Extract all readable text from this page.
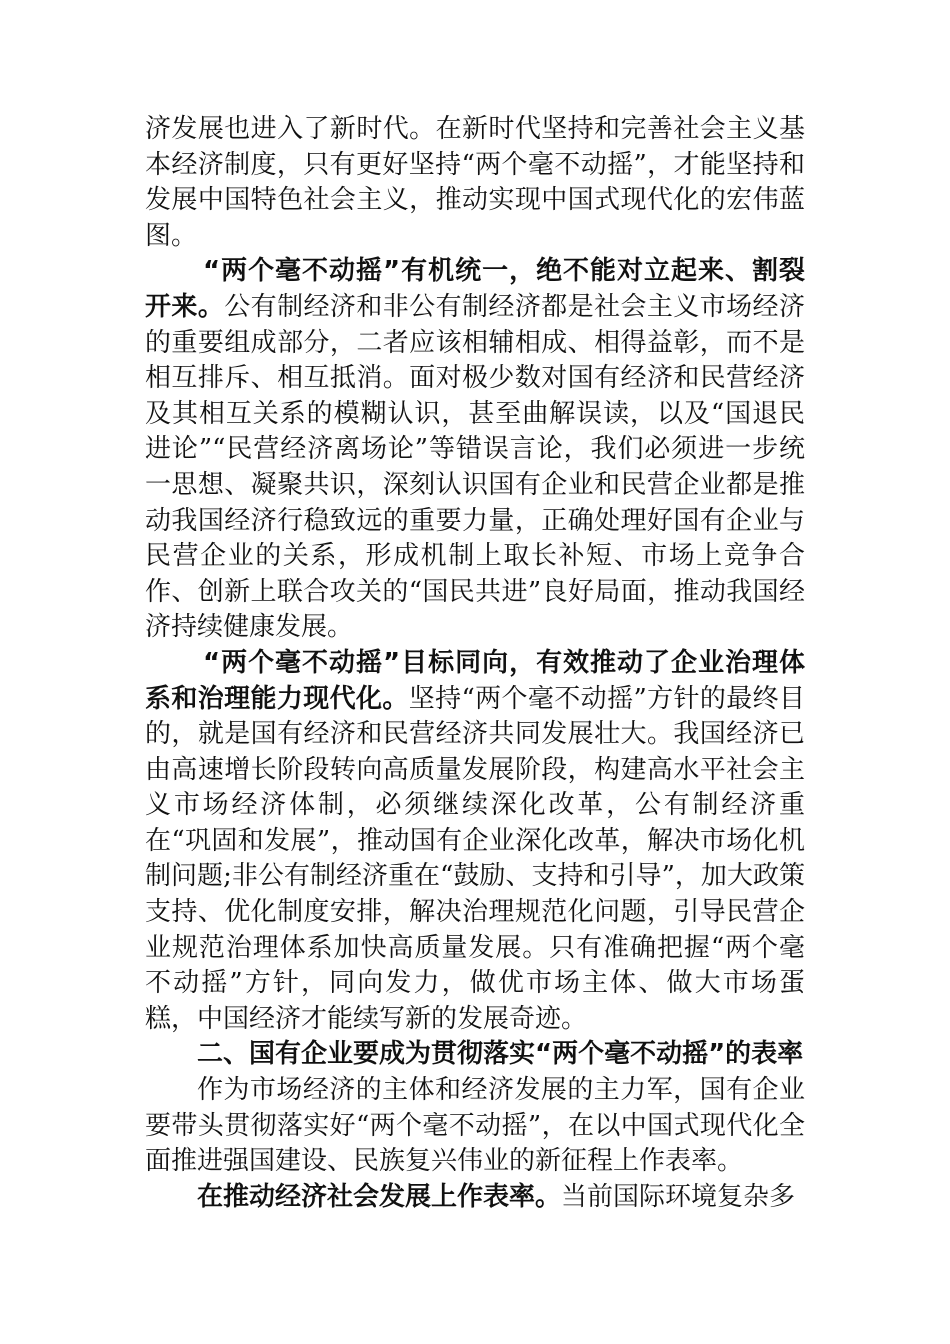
济发展也进入了新时代。在新时代坚持和完善社会主义基本经济制度，只有更好坚持“两个毫不动摇”，才能坚持和发展中国特色社会主义，推动实现中国式现代化的宏伟蓝图。

“两个毫不动摇”有机统一，绝不能对立起来、割裂开来。公有制经济和非公有制经济都是社会主义市场经济的重要组成部分，二者应该相辅相成、相得益彰，而不是相互排斥、相互抵消。面对极少数对国有经济和民营经济及其相互关系的模糊认识，甚至曲解误读，以及“国退民进论”“民营经济离场论”等错误言论，我们必须进一步统一思想、凝聚共识，深刻认识国有企业和民营企业都是推动我国经济行稳致远的重要力量，正确处理好国有企业与民营企业的关系，形成机制上取长补短、市场上竞争合作、创新上联合攻关的“国民共进”良好局面，推动我国经济持续健康发展。

“两个毫不动摇”目标同向，有效推动了企业治理体系和治理能力现代化。坚持“两个毫不动摇”方针的最终目的，就是国有经济和民营经济共同发展壮大。我国经济已由高速增长阶段转向高质量发展阶段，构建高水平社会主义市场经济体制，必须继续深化改革，公有制经济重在“巩固和发展”，推动国有企业深化改革，解决市场化机制问题;非公有制经济重在“鼓励、支持和引导”，加大政策支持、优化制度安排，解决治理规范化问题，引导民营企业规范治理体系加快高质量发展。只有准确把握“两个毫不动摇”方针，同向发力，做优市场主体、做大市场蛋糕，中国经济才能续写新的发展奇迹。

二、国有企业要成为贯彻落实“两个毫不动摇”的表率

作为市场经济的主体和经济发展的主力军，国有企业要带头贯彻落实好“两个毫不动摇”，在以中国式现代化全面推进强国建设、民族复兴伟业的新征程上作表率。

在推动经济社会发展上作表率。当前国际环境复杂多
